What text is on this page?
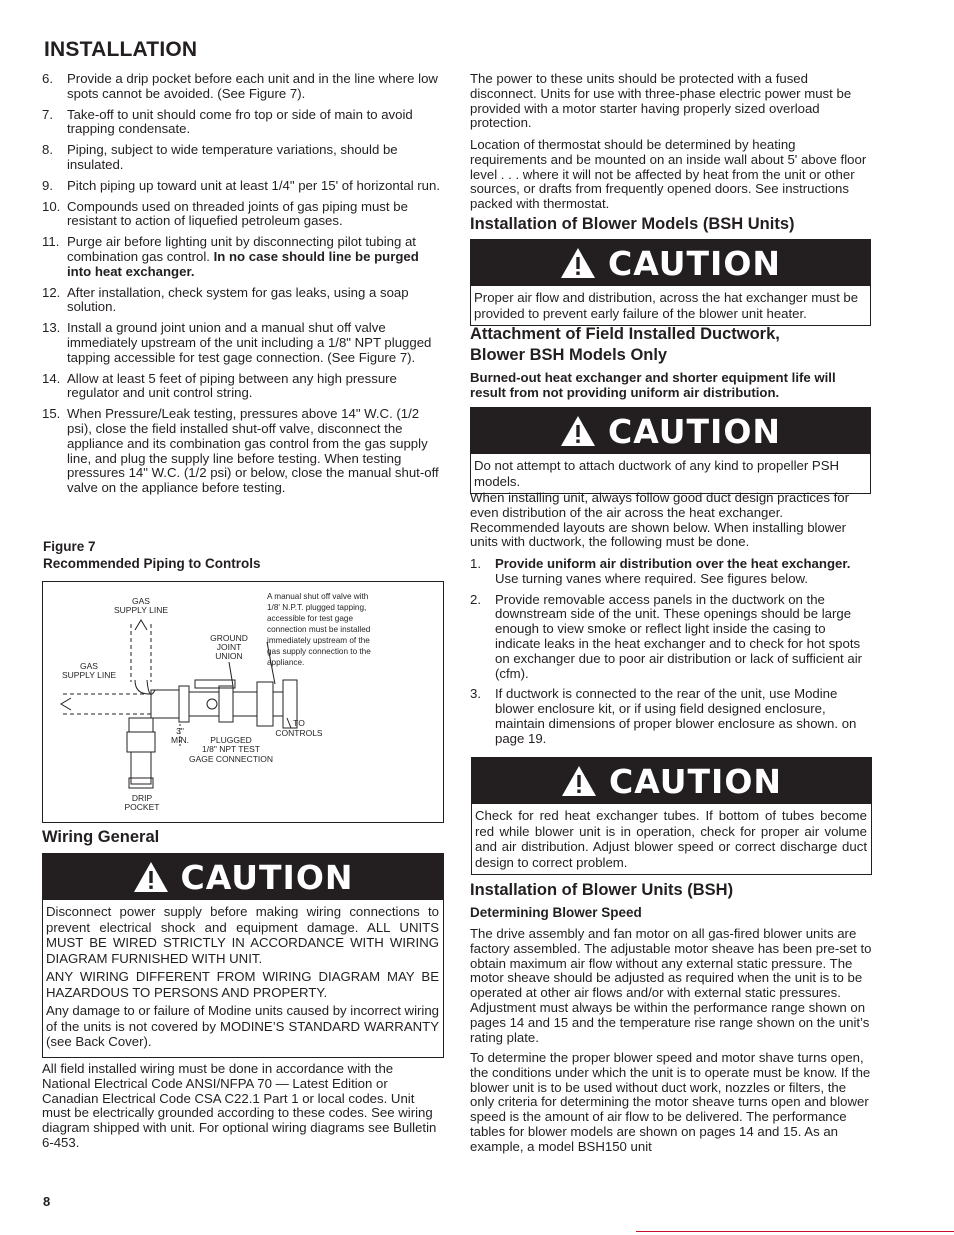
INSTALLATION
6. Provide a drip pocket before each unit and in the line where low spots cannot be avoided. (See Figure 7).
7. Take-off to unit should come fro top or side of main to avoid trapping condensate.
8. Piping, subject to wide temperature variations, should be insulated.
9. Pitch piping up toward unit at least 1/4" per 15' of horizontal run.
10. Compounds used on threaded joints of gas piping must be resistant to action of liquefied petroleum gases.
11. Purge air before lighting unit by disconnecting pilot tubing at combination gas control. In no case should line be purged into heat exchanger.
12. After installation, check system for gas leaks, using a soap solution.
13. Install a ground joint union and a manual shut off valve immediately upstream of the unit including a 1/8" NPT plugged tapping accessible for test gage connection. (See Figure 7).
14. Allow at least 5 feet of piping between any high pressure regulator and unit control string.
15. When Pressure/Leak testing, pressures above 14" W.C. (1/2 psi), close the field installed shut-off valve, disconnect the appliance and its combination gas control from the gas supply line, and plug the supply line before testing. When testing pressures 14" W.C. (1/2 psi) or below, close the manual shut-off valve on the appliance before testing.
Figure 7
Recommended Piping to Controls
GAS
SUPPLY LINE
GAS
SUPPLY LINE
GROUND
JOINT
UNION
3"
MIN. PLUGGED
1/8" NPT TEST
GAGE CONNECTION
TO
CONTROLS
DRIP
POCKET
A manual shut off valve with
1/8' N.P.T. plugged tapping,
accessible for test gage
connection must be installed
immediately upstream of the
gas supply connection to the
appliance.
Wiring General
CAUTION

Disconnect power supply before making wiring connections to prevent electrical shock and equipment damage. ALL UNITS MUST BE WIRED STRICTLY IN ACCORDANCE WITH WIRING DIAGRAM FURNISHED WITH UNIT.

ANY WIRING DIFFERENT FROM WIRING DIAGRAM MAY BE HAZARDOUS TO PERSONS AND PROPERTY.

Any damage to or failure of Modine units caused by incorrect wiring of the units is not covered by MODINE’S STANDARD WARRANTY (see Back Cover).

All field installed wiring must be done in accordance with the National Electrical Code ANSI/NFPA 70 — Latest Edition or Canadian Electrical Code CSA C22.1 Part 1 or local codes. Unit must be electrically grounded according to these codes. See wiring diagram shipped with unit. For optional wiring diagrams see Bulletin 6-453.

The power to these units should be protected with a fused disconnect. Units for use with three-phase electric power must be provided with a motor starter having properly sized overload protection.

Location of thermostat should be determined by heating requirements and be mounted on an inside wall about 5' above floor level . . . where it will not be affected by heat from the unit or other sources, or drafts from frequently opened doors. See instructions packed with thermostat.

Installation of Blower Models (BSH Units)
CAUTION
Proper air flow and distribution, across the hat exchanger must be provided to prevent early failure of the blower unit heater.
Attachment of Field Installed Ductwork,
Blower BSH Models Only

Burned-out heat exchanger and shorter equipment life will result from not providing uniform air distribution.

CAUTION
Do not attempt to attach ductwork of any kind to propeller PSH models.

When installing unit, always follow good duct design practices for even distribution of the air across the heat exchanger. Recommended layouts are shown below. When installing blower units with ductwork, the following must be done.

1. Provide uniform air distribution over the heat exchanger. Use turning vanes where required. See figures below.
2. Provide removable access panels in the ductwork on the downstream side of the unit. These openings should be large enough to view smoke or reflect light inside the casing to indicate leaks in the heat exchanger and to check for hot spots on exchanger due to poor air distribution or lack of sufficient air (cfm).
3. If ductwork is connected to the rear of the unit, use Modine blower enclosure kit, or if using field designed enclosure, maintain dimensions of proper blower enclosure as shown. on page 19.
CAUTION
Check for red heat exchanger tubes. If bottom of tubes become red while blower unit is in operation, check for proper air volume and air distribution. Adjust blower speed or correct discharge duct design to correct problem.
Installation of Blower Units (BSH)
Determining Blower Speed

The drive assembly and fan motor on all gas-fired blower units are factory assembled. The adjustable motor sheave has been pre-set to obtain maximum air flow without any external static pressure. The motor sheave should be adjusted as required when the unit is to be operated at other air flows and/or with external static pressures. Adjustment must always be within the performance range shown on pages 14 and 15 and the temperature rise range shown on the unit’s rating plate.

To determine the proper blower speed and motor shave turns open, the conditions under which the unit is to operate must be know. If the blower unit is to be used without duct work, nozzles or filters, the only criteria for determining the motor sheave turns open and blower speed is the amount of air flow to be delivered. The performance tables for blower models are shown on pages 14 and 15. As an example, a model BSH150 unit

8
